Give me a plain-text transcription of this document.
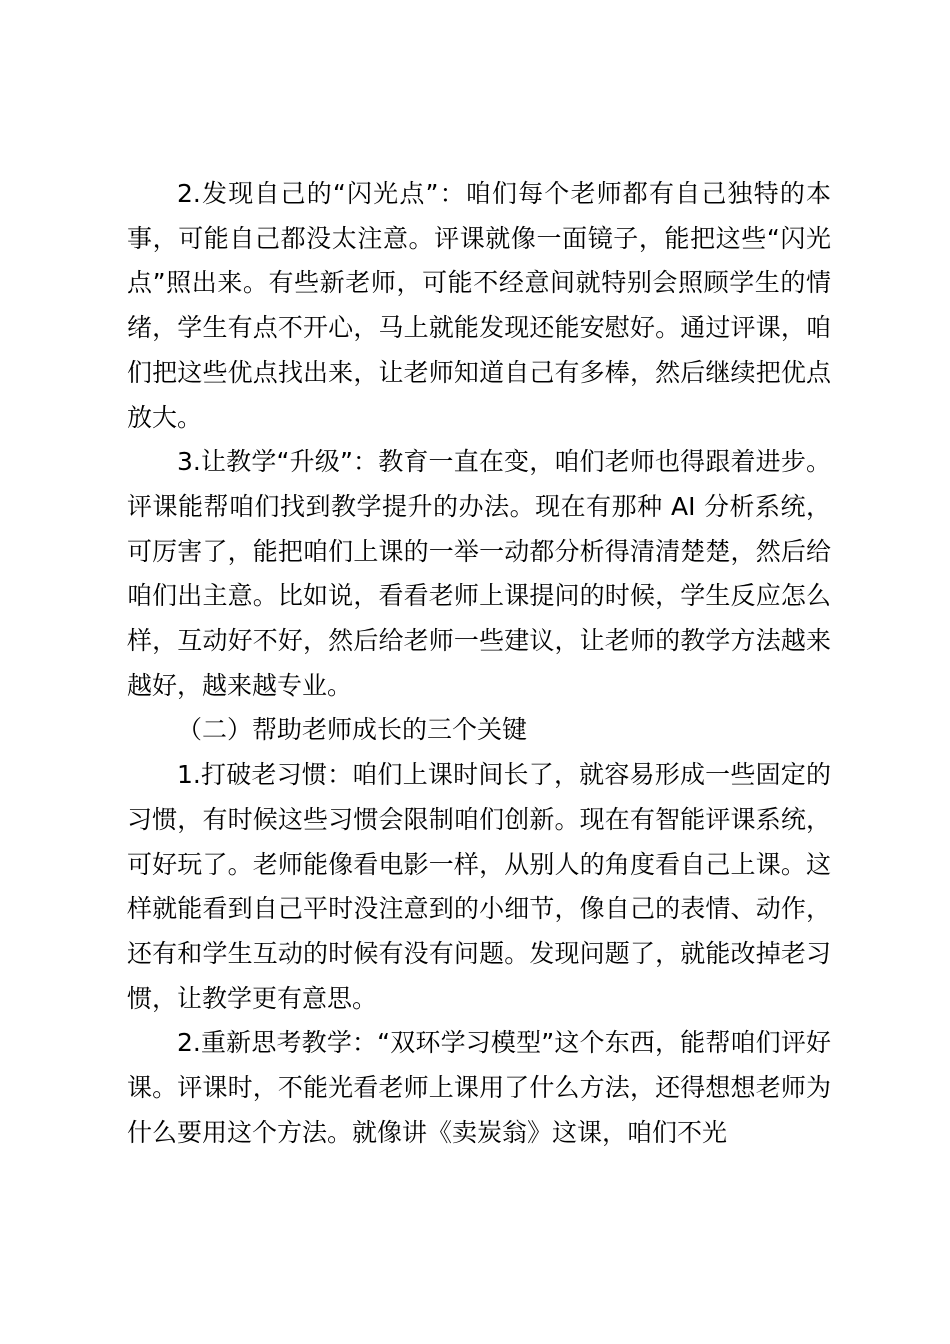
2.发现自己的“闪光点”：咱们每个老师都有自己独特的本事，可能自己都没太注意。评课就像一面镜子，能把这些“闪光点”照出来。有些新老师，可能不经意间就特别会照顾学生的情绪，学生有点不开心，马上就能发现还能安慰好。通过评课，咱们把这些优点找出来，让老师知道自己有多棒，然后继续把优点放大。

3.让教学“升级”：教育一直在变，咱们老师也得跟着进步。评课能帮咱们找到教学提升的办法。现在有那种 AI 分析系统，可厉害了，能把咱们上课的一举一动都分析得清清楚楚，然后给咱们出主意。比如说，看看老师上课提问的时候，学生反应怎么样，互动好不好，然后给老师一些建议，让老师的教学方法越来越好，越来越专业。

（二）帮助老师成长的三个关键

1.打破老习惯：咱们上课时间长了，就容易形成一些固定的习惯，有时候这些习惯会限制咱们创新。现在有智能评课系统，可好玩了。老师能像看电影一样，从别人的角度看自己上课。这样就能看到自己平时没注意到的小细节，像自己的表情、动作，还有和学生互动的时候有没有问题。发现问题了，就能改掉老习惯，让教学更有意思。

2.重新思考教学：“双环学习模型”这个东西，能帮咱们评好课。评课时，不能光看老师上课用了什么方法，还得想想老师为什么要用这个方法。就像讲《卖炭翁》这课，咱们不光
